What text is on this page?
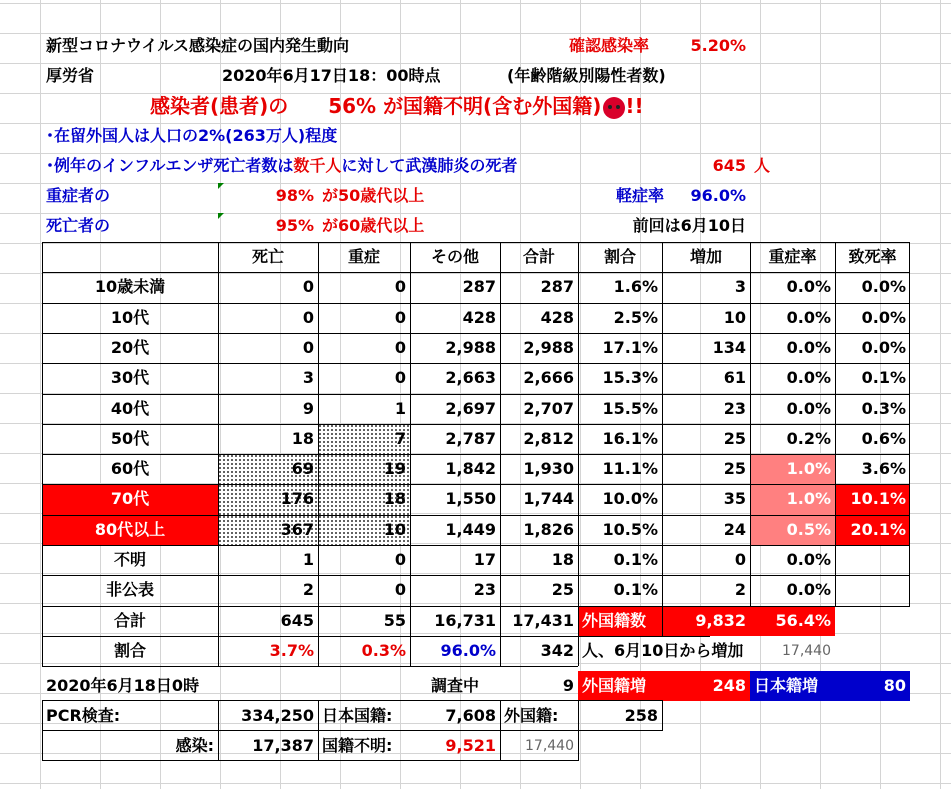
新型コロナウイルス感染症の国内発生動向	確認感染率	5.20%
厚労省	2020年6月17日18：00時点	(年齢階級別陽性者数)
感染者(患者)の 56% が国籍不明(含む外国籍) !!
･在留外国人は人口の2%(263万人)程度
･例年のインフルエンザ死亡者数は数千人に対して武漢肺炎の死者	645 人
重症者の	98% が50歳代以上	軽症率	96.0%
死亡者の	95% が60歳代以上	前回は6月10日
死亡	重症	その他	合計	割合	増加	重症率	致死率
10歳未満	0	0	287	287	1.6%	3	0.0%	0.0%
10代	0	0	428	428	2.5%	10	0.0%	0.0%
20代	0	0	2,988	2,988	17.1%	134	0.0%	0.0%
30代	3	0	2,663	2,666	15.3%	61	0.0%	0.1%
40代	9	1	2,697	2,707	15.5%	23	0.0%	0.3%
50代	18	7	2,787	2,812	16.1%	25	0.2%	0.6%
60代	69	19	1,842	1,930	11.1%	25	1.0%	3.6%
70代	176	18	1,550	1,744	10.0%	35	1.0%	10.1%
80代以上	367	10	1,449	1,826	10.5%	24	0.5%	20.1%
不明	1	0	17	18	0.1%	0	0.0%
非公表	2	0	23	25	0.1%	2	0.0%
合計	645	55	16,731	17,431 外国籍数	9,832	56.4%
割合	3.7%	0.3%	96.0%	342 人、6月10日から増加	17,440
2020年6月18日0時	調査中	9 外国籍増	248 日本籍増	80
PCR検査:	334,250 日本国籍:	7,608 外国籍:	258
感染:	17,387 国籍不明:	9,521	17,440
